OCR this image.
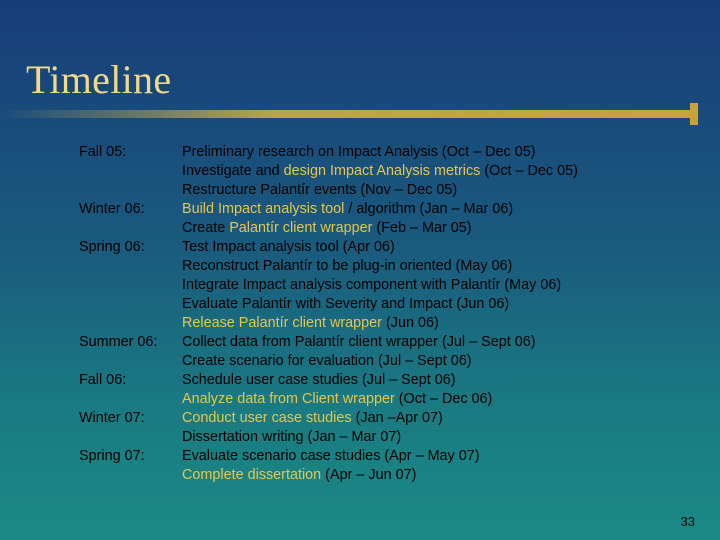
Timeline
Fall 05:	Preliminary research on Impact Analysis (Oct – Dec 05)
Investigate and design Impact Analysis metrics (Oct – Dec 05)
Restructure Palantír events (Nov – Dec 05)
Winter 06:	Build Impact analysis tool / algorithm (Jan – Mar 06)
Create Palantír client wrapper (Feb – Mar 05)
Spring 06:	Test Impact analysis tool (Apr 06)
Reconstruct Palantír to be plug-in oriented (May 06)
Integrate Impact analysis component with Palantír (May 06)
Evaluate Palantír with Severity and Impact (Jun 06)
Release Palantír client wrapper (Jun 06)
Summer 06: Collect data from Palantír client wrapper (Jul – Sept 06)
Create scenario for evaluation (Jul – Sept 06)
Fall 06:	Schedule user case studies (Jul – Sept 06)
Analyze data from Client wrapper (Oct – Dec 06)
Winter 07:	Conduct user case studies (Jan –Apr 07)
Dissertation writing (Jan – Mar 07)
Spring 07:	Evaluate scenario case studies (Apr – May 07)
Complete dissertation (Apr – Jun 07)
33
